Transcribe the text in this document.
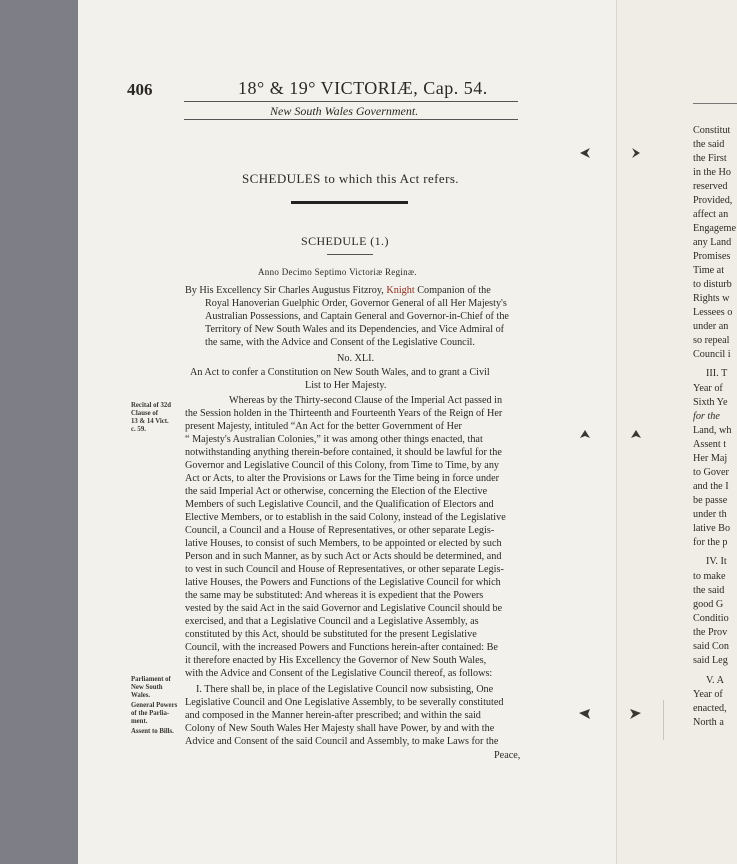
406	18° & 19° VICTORIÆ, Cap. 54.
New South Wales Government.
SCHEDULES to which this Act refers.
SCHEDULE (1.)
Anno Decimo Septimo Victoriæ Reginæ.
By His Excellency Sir Charles Augustus Fitzroy, Knight Companion of the
Royal Hanoverian Guelphic Order, Governor General of all Her Majesty's
Australian Possessions, and Captain General and Governor-in-Chief of the
Territory of New South Wales and its Dependencies, and Vice Admiral of
the same, with the Advice and Consent of the Legislative Council.
No. XLI.
An Act to confer a Constitution on New South Wales, and to grant a Civil
List to Her Majesty.
Whereas by the Thirty-second Clause of the Imperial Act passed in
the Session holden in the Thirteenth and Fourteenth Years of the Reign of Her
present Majesty, intituled “An Act for the better Government of Her
“ Majesty's Australian Colonies,” it was among other things enacted, that
notwithstanding anything therein-before contained, it should be lawful for the
Governor and Legislative Council of this Colony, from Time to Time, by any
Act or Acts, to alter the Provisions or Laws for the Time being in force under
the said Imperial Act or otherwise, concerning the Election of the Elective
Members of such Legislative Council, and the Qualification of Electors and
Elective Members, or to establish in the said Colony, instead of the Legislative
Council, a Council and a House of Representatives, or other separate Legis-
lative Houses, to consist of such Members, to be appointed or elected by such
Person and in such Manner, as by such Act or Acts should be determined, and
to vest in such Council and House of Representatives, or other separate Legis-
lative Houses, the Powers and Functions of the Legislative Council for which
the same may be substituted: And whereas it is expedient that the Powers
vested by the said Act in the said Governor and Legislative Council should be
exercised, and that a Legislative Council and a Legislative Assembly, as
constituted by this Act, should be substituted for the present Legislative
Council, with the increased Powers and Functions herein-after contained: Be
it therefore enacted by His Excellency the Governor of New South Wales,
with the Advice and Consent of the Legislative Council thereof, as follows:
I. There shall be, in place of the Legislative Council now subsisting, One
Legislative Council and One Legislative Assembly, to be severally constituted
and composed in the Manner herein-after prescribed; and within the said
Colony of New South Wales Her Majesty shall have Power, by and with the
Advice and Consent of the said Council and Assembly, to make Laws for the
Peace,
Recital of 32d
Clause of
13 & 14 Vict.
c. 59.
Parliament of
New South
Wales.
General Powers
of the Parlia-
ment.
Assent to Bills.
Constitut
the said
the First
in the Ho
reserved
Provided,
affect an
Engageme
any Land
Promises
Time at
to disturb
Rights w
Lessees o
under an
so repeal
Council i
III. T
Year of
Sixth Ye
for the
Land, wh
Assent t
Her Maj
to Gover
and the I
be passe
under th
lative Bo
for the p
IV. It
to make
the said
good G
Conditio
the Prov
said Con
said Leg
V. A
Year of
enacted,
North a
